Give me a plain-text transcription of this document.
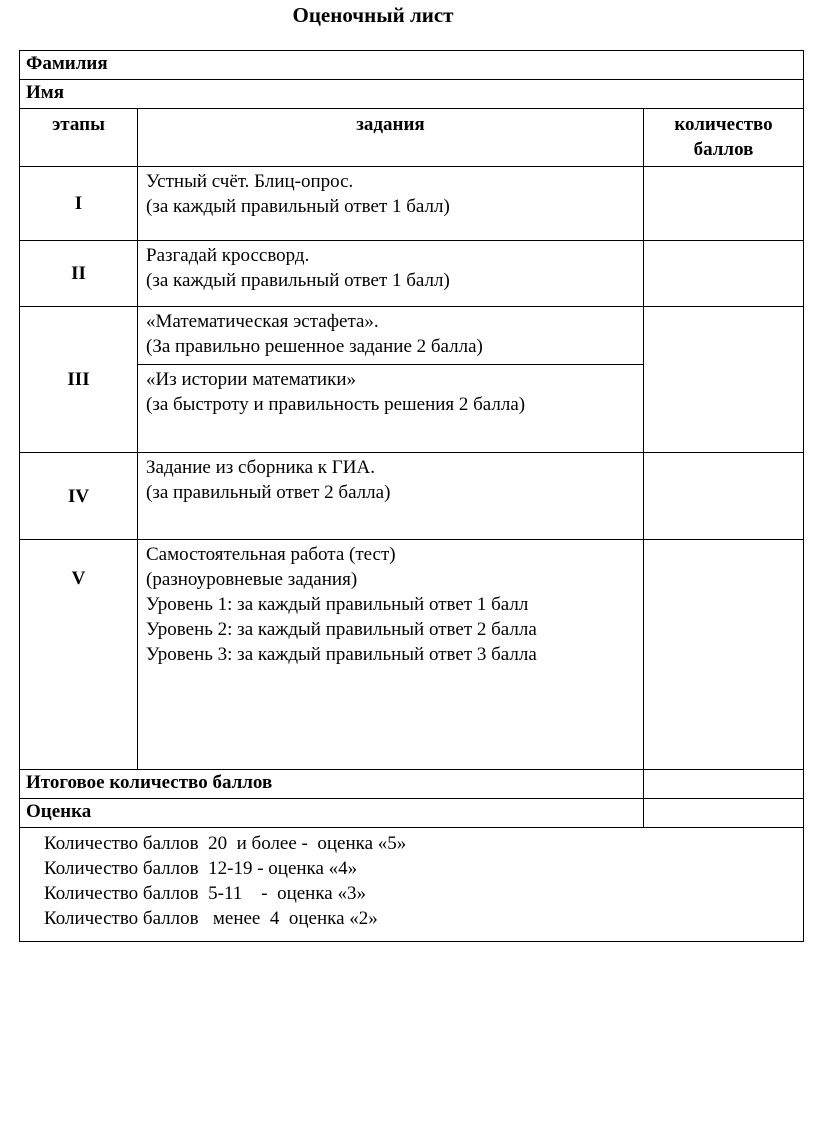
Оценочный лист
Фамилия		
Имя		
этапы	задания	количество
баллов

I	Устный счёт. Блиц-опрос.
(за каждый правильный ответ 1 балл)	

II	Разгадай кроссворд.
(за каждый правильный ответ 1 балл)	

III	«Математическая эстафета».
(За правильно решенное задание 2 балла)	

	«Из истории математики»
(за быстроту и правильность решения 2 балла)	

IV	Задание из сборника к ГИА.
(за правильный ответ 2 балла)	

V	Самостоятельная работа (тест)
(разноуровневые задания)
Уровень 1: за каждый правильный ответ 1 балл
Уровень 2: за каждый правильный ответ 2 балла
Уровень 3: за каждый правильный ответ 3 балла	

Итоговое количество баллов		
Оценка		

Количество баллов  20  и более -  оценка «5»
Количество баллов  12-19 - оценка «4»
Количество баллов  5-11    -  оценка «3»
Количество баллов   менее  4  оценка «2»		
